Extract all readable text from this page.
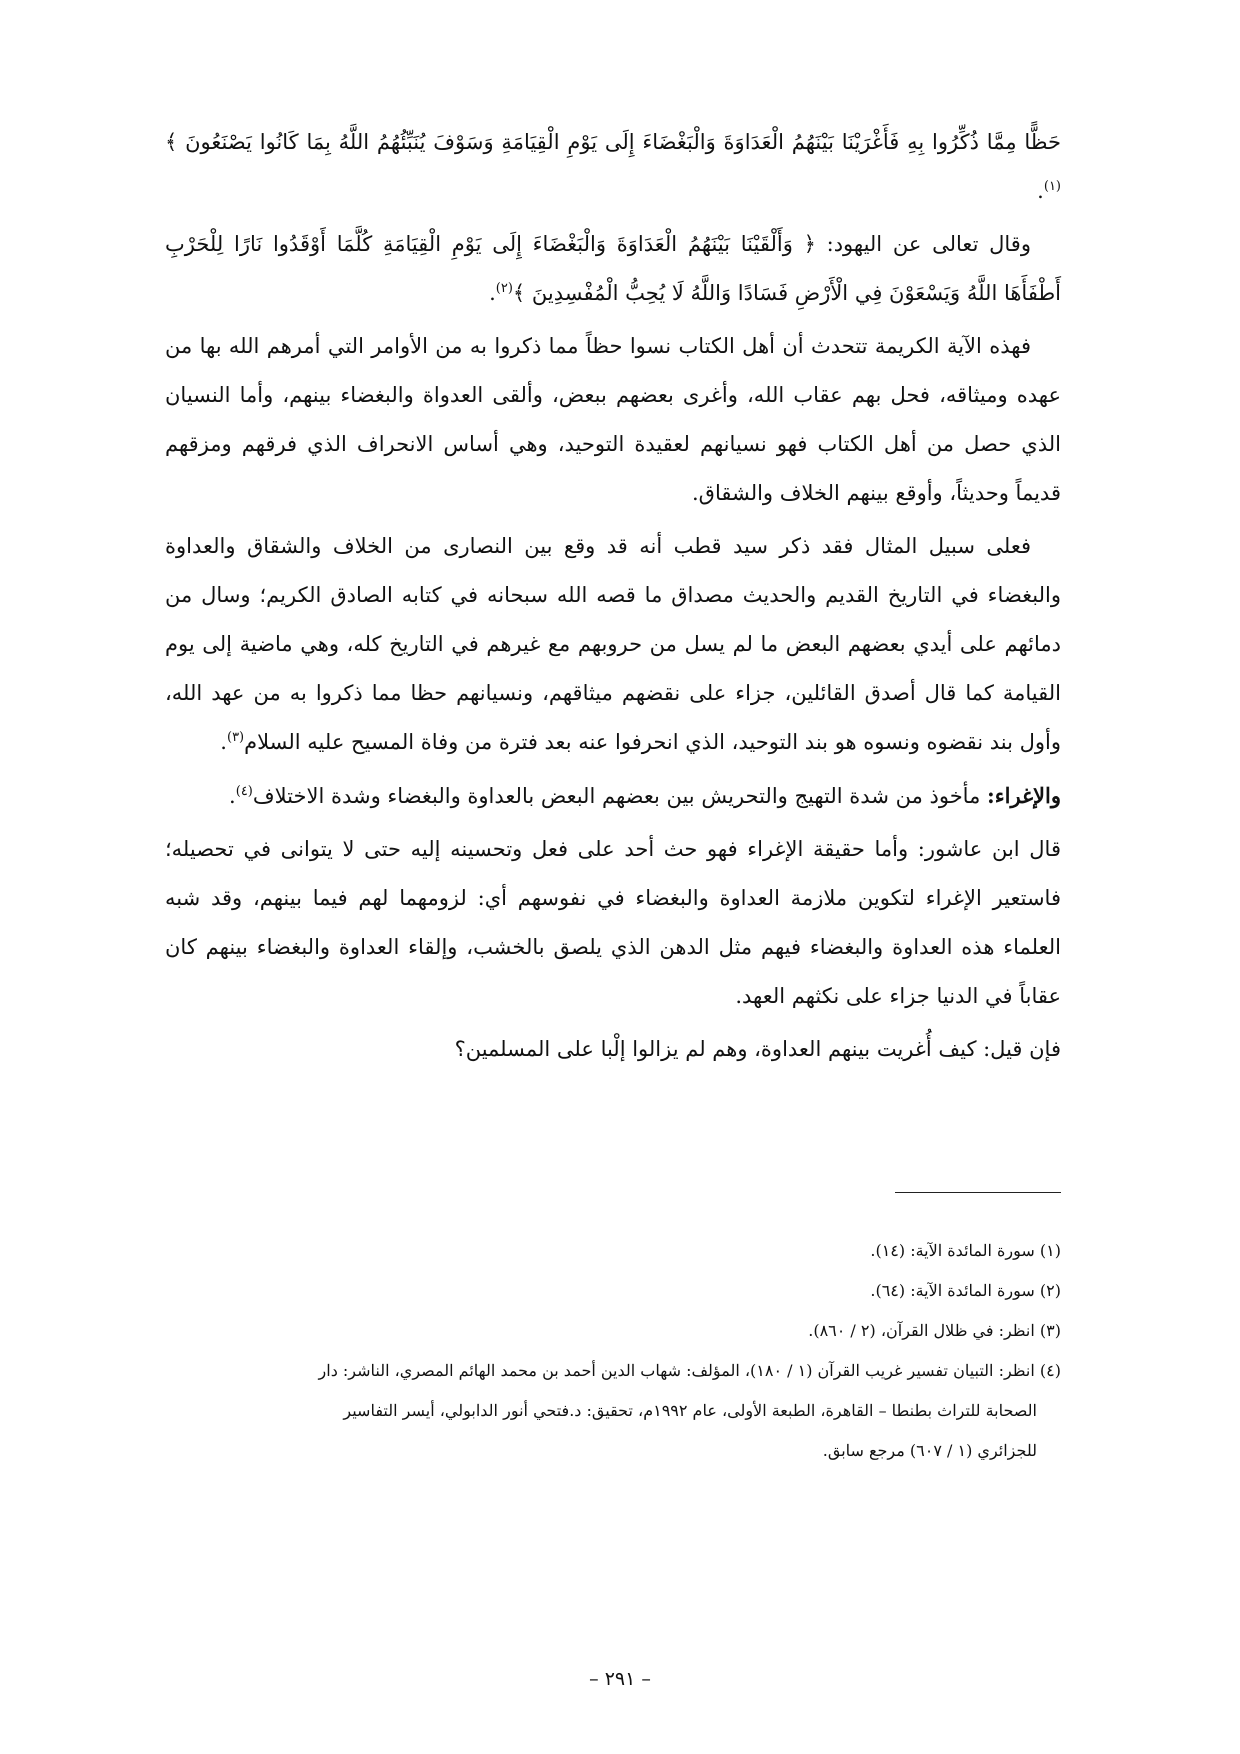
حَظًّا مِمَّا ذُكِّرُوا بِهِ فَأَغْرَيْنَا بَيْنَهُمُ الْعَدَاوَةَ وَالْبَغْضَاءَ إِلَى يَوْمِ الْقِيَامَةِ وَسَوْفَ يُنَبِّئُهُمُ اللَّهُ بِمَا كَانُوا يَصْنَعُونَ ﴾$^{(١)}$.

وقال تعالى عن اليهود: ﴿ وَأَلْقَيْنَا بَيْنَهُمُ الْعَدَاوَةَ وَالْبَغْضَاءَ إِلَى يَوْمِ الْقِيَامَةِ كُلَّمَا أَوْقَدُوا نَارًا لِلْحَرْبِ أَطْفَأَهَا اللَّهُ وَيَسْعَوْنَ فِي الْأَرْضِ فَسَادًا وَاللَّهُ لَا يُحِبُّ الْمُفْسِدِينَ ﴾$^{(٢)}$.

فهذه الآية الكريمة تتحدث أن أهل الكتاب نسوا حظاً مما ذكروا به من الأوامر التي أمرهم الله بها من عهده وميثاقه، فحل بهم عقاب الله، وأغرى بعضهم ببعض، وألقى العدواة والبغضاء بينهم، وأما النسيان الذي حصل من أهل الكتاب فهو نسيانهم لعقيدة التوحيد، وهي أساس الانحراف الذي فرقهم ومزقهم قديماً وحديثاً، وأوقع بينهم الخلاف والشقاق.

فعلى سبيل المثال فقد ذكر سيد قطب أنه قد وقع بين النصارى من الخلاف والشقاق والعداوة والبغضاء في التاريخ القديم والحديث مصداق ما قصه الله سبحانه في كتابه الصادق الكريم؛ وسال من دمائهم على أيدي بعضهم البعض ما لم يسل من حروبهم مع غيرهم في التاريخ كله، وهي ماضية إلى يوم القيامة كما قال أصدق القائلين، جزاء على نقضهم ميثاقهم، ونسيانهم حظا مما ذكروا به من عهد الله، وأول بند نقضوه ونسوه هو بند التوحيد، الذي انحرفوا عنه بعد فترة من وفاة المسيح عليه السلام$^{(٣)}$.

والإغراء: مأخوذ من شدة التهيج والتحريش بين بعضهم البعض بالعداوة والبغضاء وشدة الاختلاف$^{(٤)}$.

قال ابن عاشور: وأما حقيقة الإغراء فهو حث أحد على فعل وتحسينه إليه حتى لا يتوانى في تحصيله؛ فاستعير الإغراء لتكوين ملازمة العداوة والبغضاء في نفوسهم أي: لزومهما لهم فيما بينهم، وقد شبه العلماء هذه العداوة والبغضاء فيهم مثل الدهن الذي يلصق بالخشب، وإلقاء العداوة والبغضاء بينهم كان عقاباً في الدنيا جزاء على نكثهم العهد.

فإن قيل: كيف أُغريت بينهم العداوة، وهم لم يزالوا إلْبا على المسلمين؟

(١) سورة المائدة الآية: (١٤).

(٢) سورة المائدة الآية: (٦٤).

(٣) انظر: في ظلال القرآن، (٢ / ٨٦٠).

(٤) انظر: التبيان تفسير غريب القرآن (١ / ١٨٠)، المؤلف: شهاب الدين أحمد بن محمد الهائم المصري، الناشر: دار

الصحابة للتراث بطنطا – القاهرة، الطبعة الأولى، عام ١٩٩٢م، تحقيق: د.فتحي أنور الدابولي، أيسر التفاسير

للجزائري (١ / ٦٠٧) مرجع سابق.

– ٢٩١ –
